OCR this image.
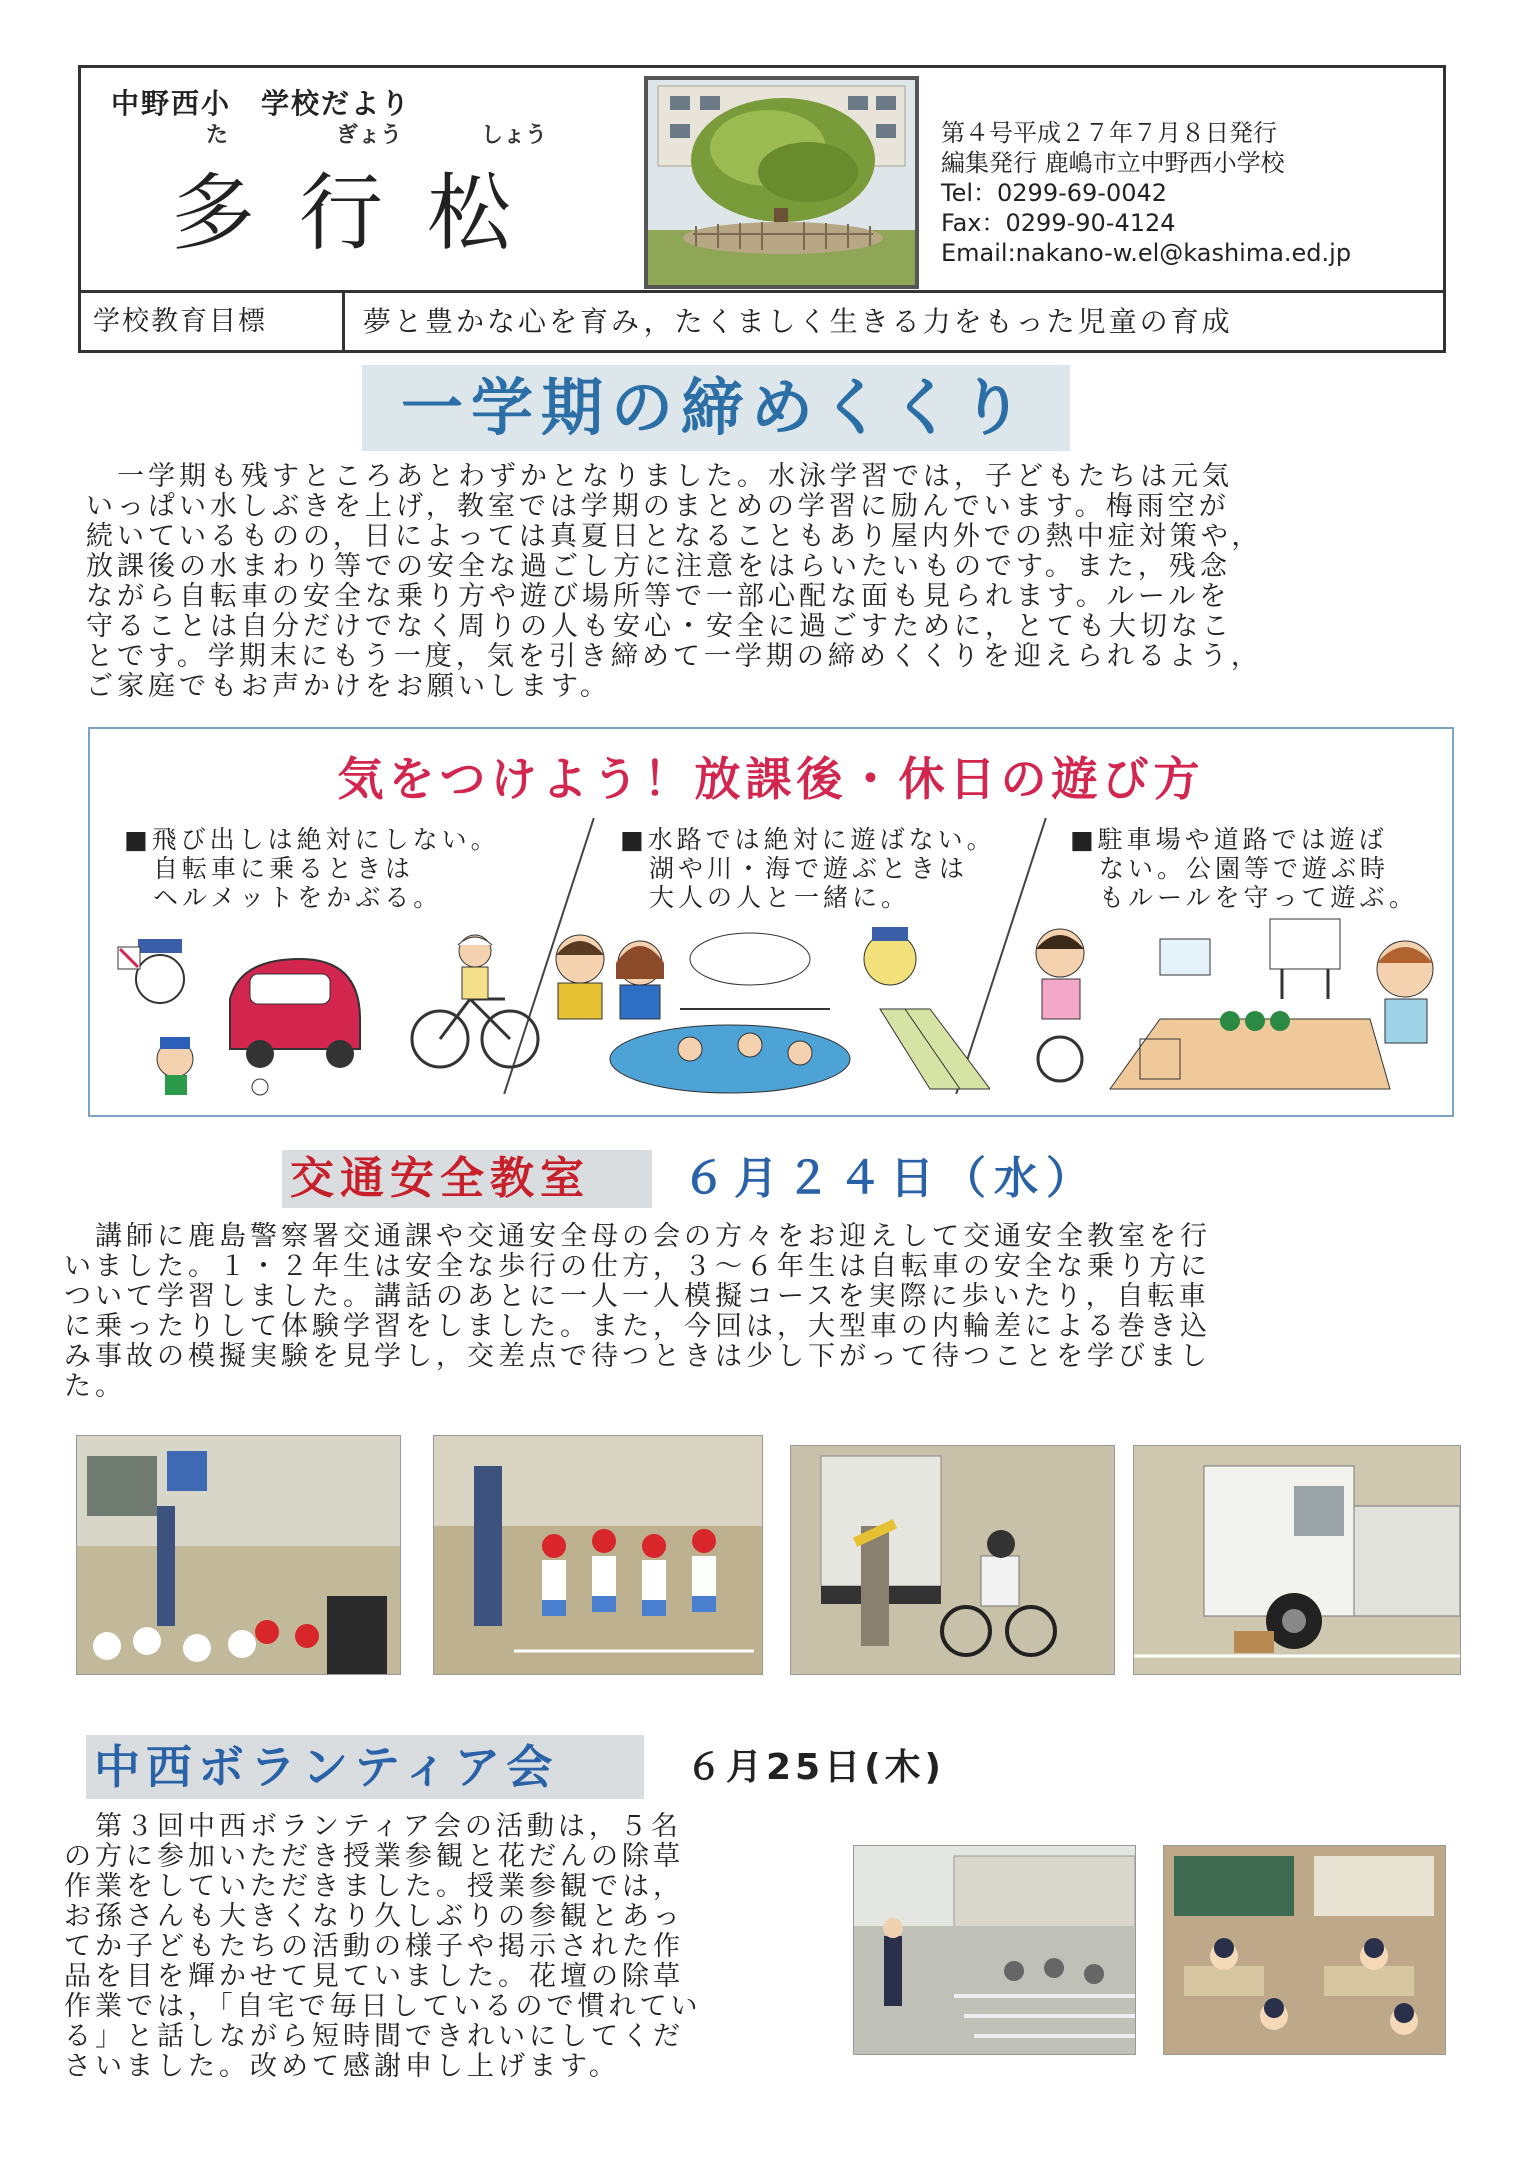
中野西小　学校だより
た	ぎょう	しょう
多行松
第４号平成２７年７月８日発行
編集発行 鹿嶋市立中野西小学校
Tel：0299-69-0042
Fax：0299-90-4124
Email:nakano-w.el@kashima.ed.jp
学校教育目標	夢と豊かな心を育み，たくましく生きる力をもった児童の育成
一学期の締めくくり
　一学期も残すところあとわずかとなりました。水泳学習では，子どもたちは元気
いっぱい水しぶきを上げ，教室では学期のまとめの学習に励んでいます。梅雨空が
続いているものの，日によっては真夏日となることもあり屋内外での熱中症対策や，
放課後の水まわり等での安全な過ごし方に注意をはらいたいものです。また，残念
ながら自転車の安全な乗り方や遊び場所等で一部心配な面も見られます。ルールを
守ることは自分だけでなく周りの人も安心・安全に過ごすために，とても大切なこ
とです。学期末にもう一度，気を引き締めて一学期の締めくくりを迎えられるよう，
ご家庭でもお声かけをお願いします。
気をつけよう！放課後・休日の遊び方
■飛び出しは絶対にしない。
　自転車に乗るときは
　ヘルメットをかぶる。
■水路では絶対に遊ばない。
　湖や川・海で遊ぶときは
　大人の人と一緒に。
■駐車場や道路では遊ば
　ない。公園等で遊ぶ時
　もルールを守って遊ぶ。
交通安全教室 ６月２４日（水）
　講師に鹿島警察署交通課や交通安全母の会の方々をお迎えして交通安全教室を行
いました。１・２年生は安全な歩行の仕方，３～６年生は自転車の安全な乗り方に
ついて学習しました。講話のあとに一人一人模擬コースを実際に歩いたり，自転車
に乗ったりして体験学習をしました。また，今回は，大型車の内輪差による巻き込
み事故の模擬実験を見学し，交差点で待つときは少し下がって待つことを学びまし
た。
中西ボランティア会	６月25日(木)
　第３回中西ボランティア会の活動は，５名
の方に参加いただき授業参観と花だんの除草
作業をしていただきました。授業参観では，
お孫さんも大きくなり久しぶりの参観とあっ
てか子どもたちの活動の様子や掲示された作
品を目を輝かせて見ていました。花壇の除草
作業では，「自宅で毎日しているので慣れてい
る」と話しながら短時間できれいにしてくだ
さいました。改めて感謝申し上げます。
